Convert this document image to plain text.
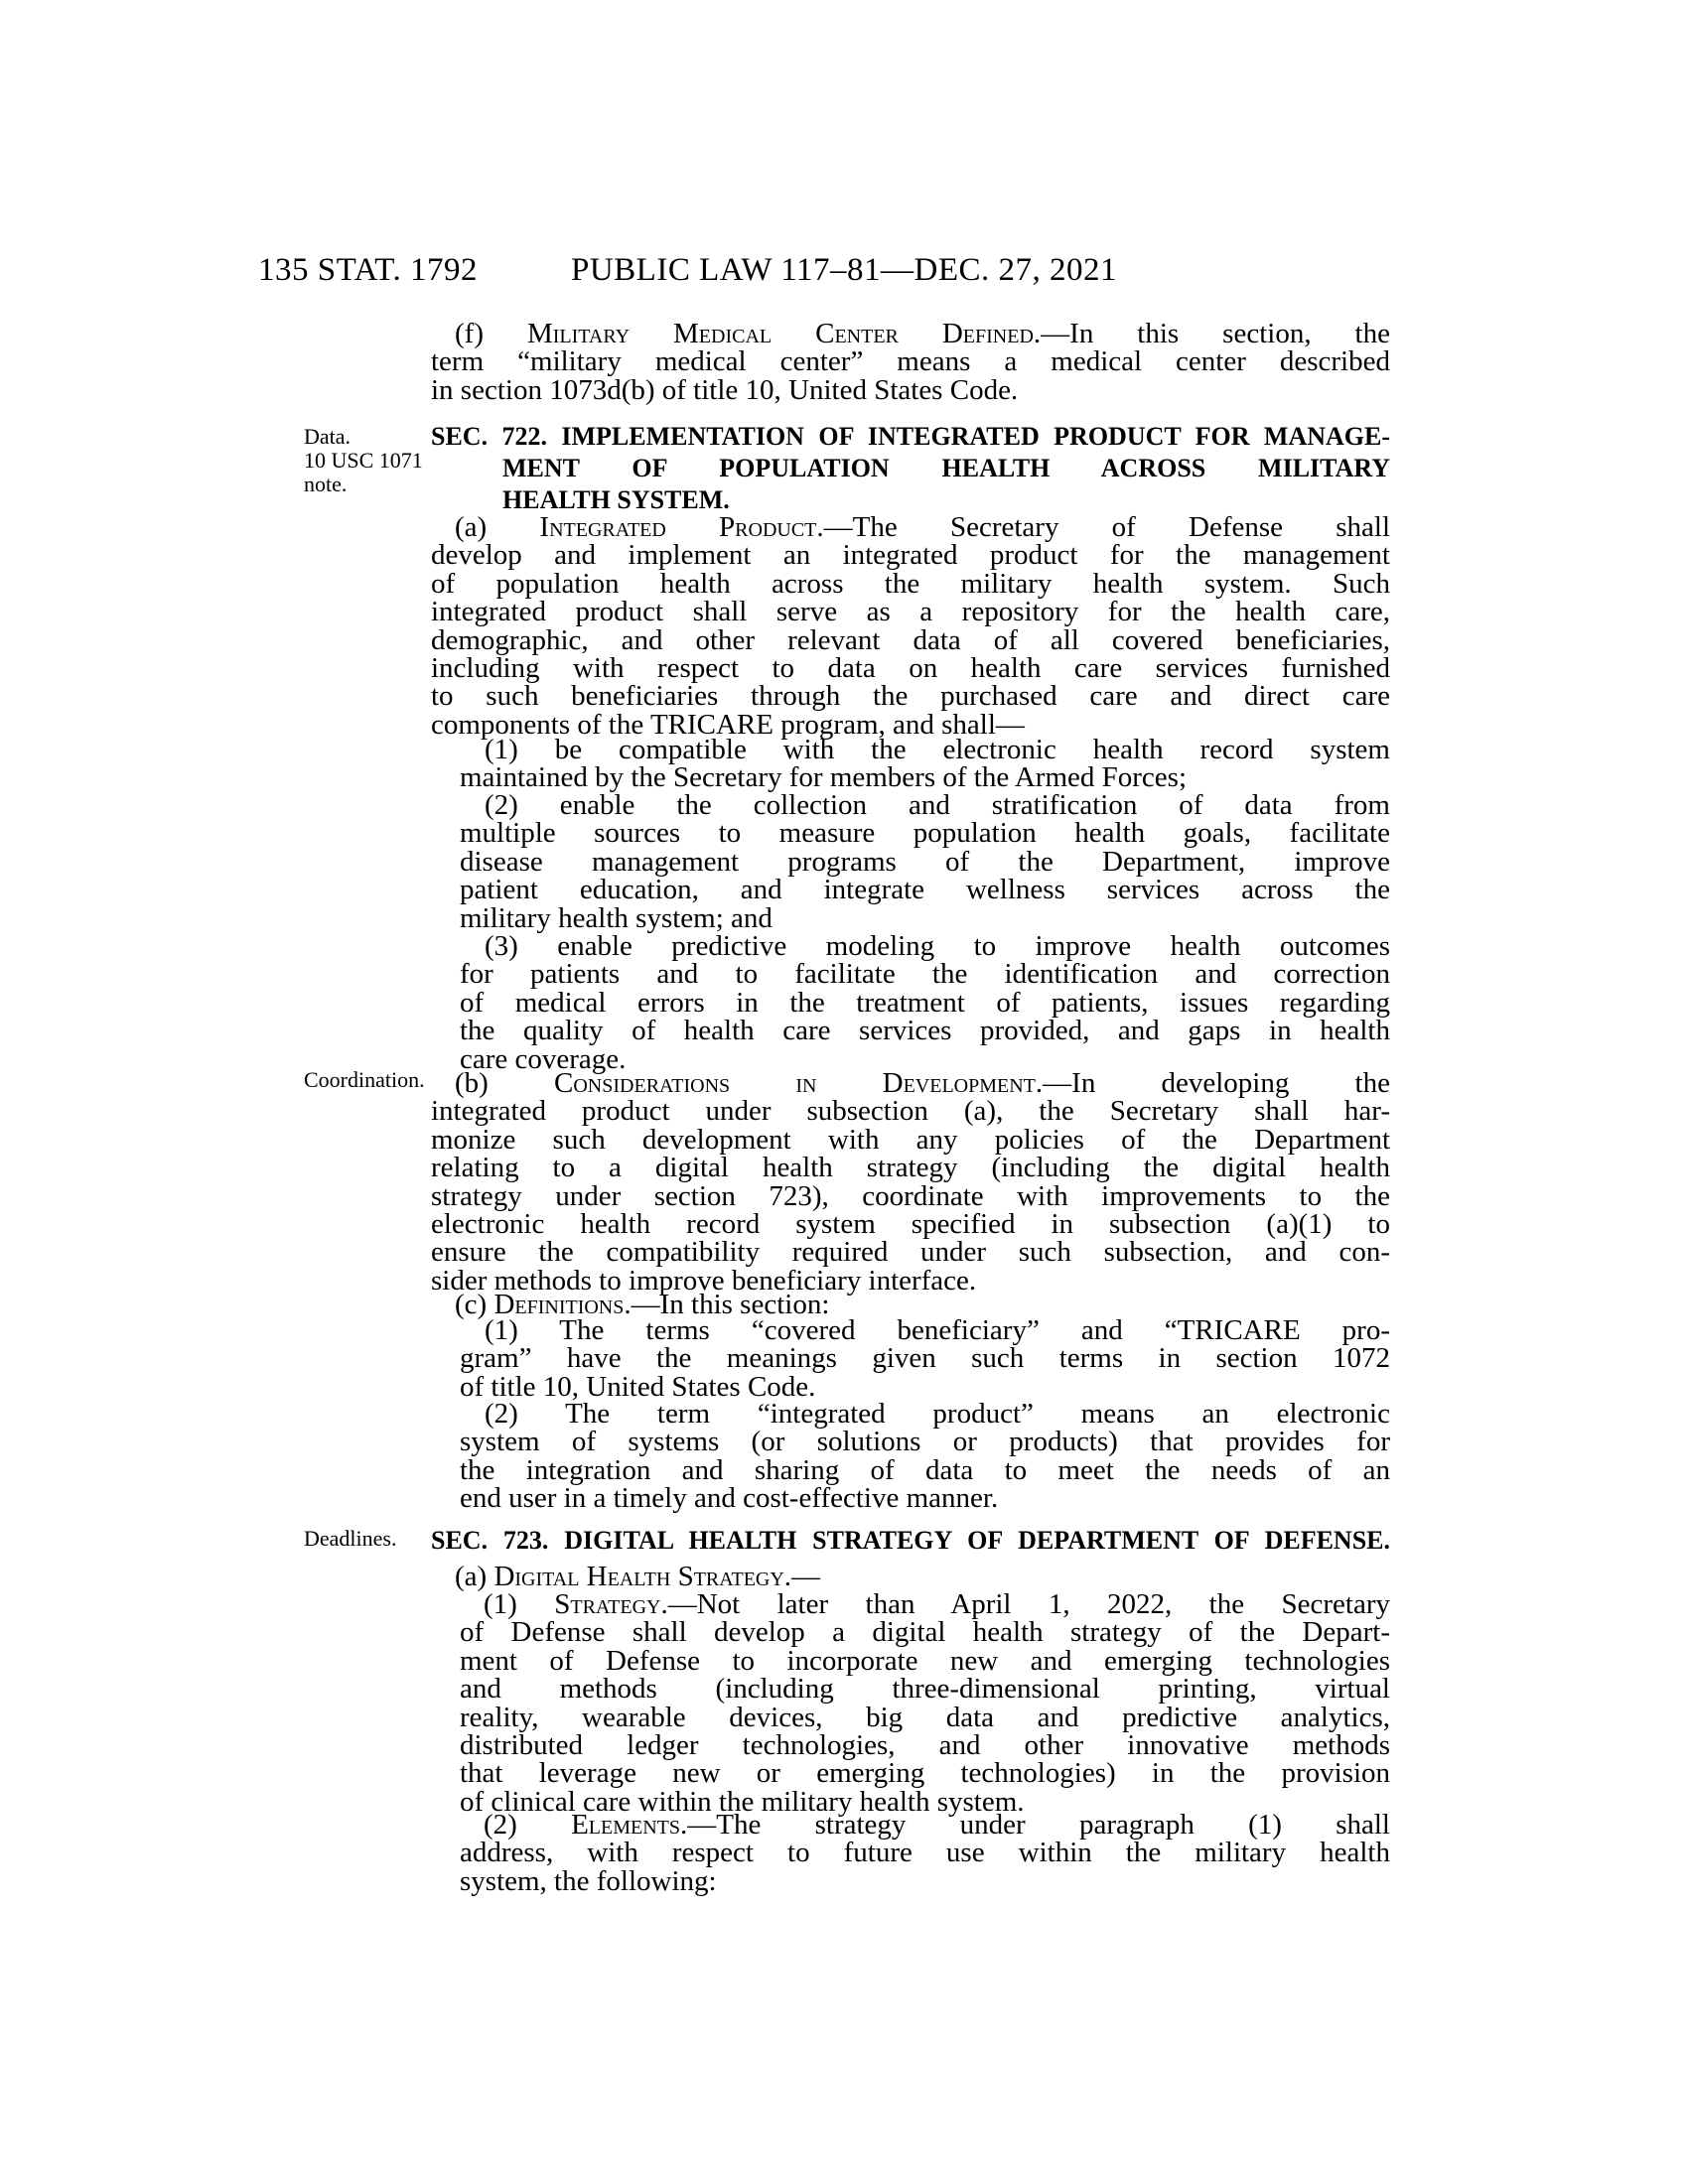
135 STAT. 1792	PUBLIC LAW 117–81—DEC. 27, 2021
Data.
10 USC 1071
note.
Coordination.
Deadlines.
(f) Military Medical Center Defined.—In this section, the
term “military medical center” means a medical center described
in section 1073d(b) of title 10, United States Code.
SEC. 722. IMPLEMENTATION OF INTEGRATED PRODUCT FOR MANAGE-
MENT OF POPULATION HEALTH ACROSS MILITARY
HEALTH SYSTEM.
(a) Integrated Product.—The Secretary of Defense shall
develop and implement an integrated product for the management
of population health across the military health system. Such
integrated product shall serve as a repository for the health care,
demographic, and other relevant data of all covered beneficiaries,
including with respect to data on health care services furnished
to such beneficiaries through the purchased care and direct care
components of the TRICARE program, and shall—
(1) be compatible with the electronic health record system
maintained by the Secretary for members of the Armed Forces;
(2) enable the collection and stratification of data from
multiple sources to measure population health goals, facilitate
disease management programs of the Department, improve
patient education, and integrate wellness services across the
military health system; and
(3) enable predictive modeling to improve health outcomes
for patients and to facilitate the identification and correction
of medical errors in the treatment of patients, issues regarding
the quality of health care services provided, and gaps in health
care coverage.
(b) Considerations in Development.—In developing the
integrated product under subsection (a), the Secretary shall har-
monize such development with any policies of the Department
relating to a digital health strategy (including the digital health
strategy under section 723), coordinate with improvements to the
electronic health record system specified in subsection (a)(1) to
ensure the compatibility required under such subsection, and con-
sider methods to improve beneficiary interface.
(c) Definitions.—In this section:
(1) The terms “covered beneficiary” and “TRICARE pro-
gram” have the meanings given such terms in section 1072
of title 10, United States Code.
(2) The term “integrated product” means an electronic
system of systems (or solutions or products) that provides for
the integration and sharing of data to meet the needs of an
end user in a timely and cost-effective manner.
SEC. 723. DIGITAL HEALTH STRATEGY OF DEPARTMENT OF DEFENSE.
(a) Digital Health Strategy.—
(1) Strategy.—Not later than April 1, 2022, the Secretary
of Defense shall develop a digital health strategy of the Depart-
ment of Defense to incorporate new and emerging technologies
and methods (including three-dimensional printing, virtual
reality, wearable devices, big data and predictive analytics,
distributed ledger technologies, and other innovative methods
that leverage new or emerging technologies) in the provision
of clinical care within the military health system.
(2) Elements.—The strategy under paragraph (1) shall
address, with respect to future use within the military health
system, the following:
